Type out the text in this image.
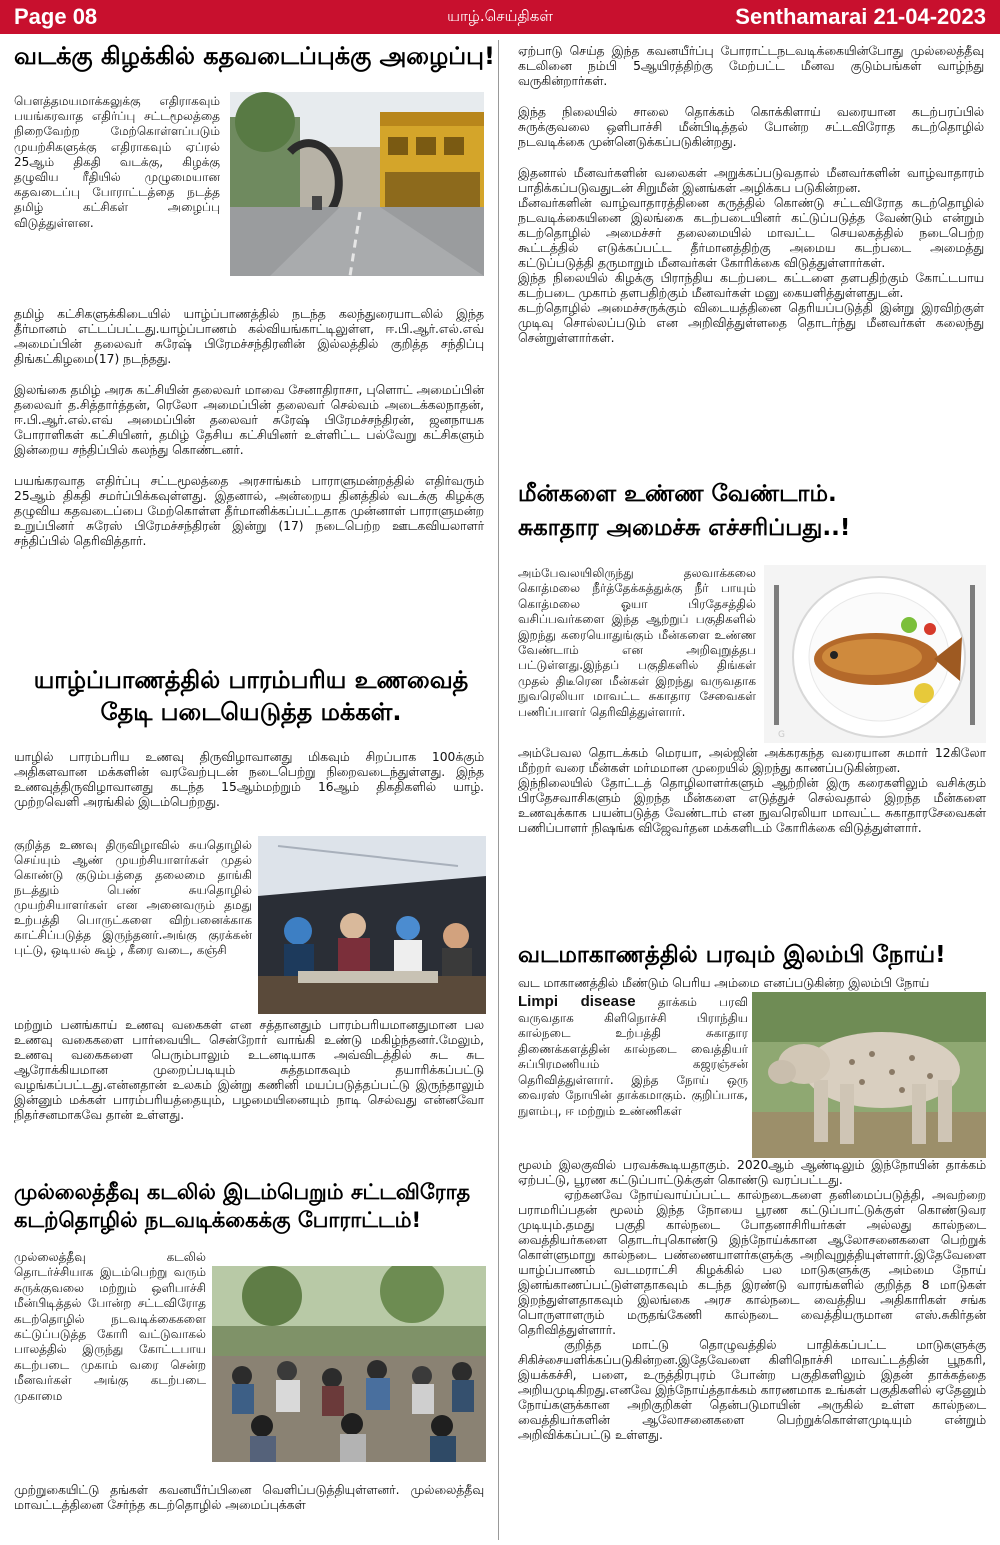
Page 08	யாழ்.செய்திகள்	Senthamarai 21-04-2023
வடக்கு கிழக்கில் கதவடைப்புக்கு அழைப்பு!

பௌத்தமயமாக்கலுக்கு எதிராகவும் பயங்கரவாத எதிர்ப்பு சட்டமூலத்தை நிறைவேற்ற மேற்கொள்ளப்படும் முயற்சிகளுக்கு எதிராகவும் ஏப்ரல் 25ஆம் திகதி வடக்கு, கிழக்கு தழுவிய ரீதியில் முழுமையான கதவடைப்பு போராட்டத்தை நடத்த தமிழ் கட்சிகள் அழைப்பு விடுத்துள்ளன.

தமிழ் கட்சிகளுக்கிடையில் யாழ்ப்பாணத்தில் நடந்த கலந்துரையாடலில் இந்த தீர்மானம் எட்டப்பட்டது.யாழ்ப்பாணம் கல்வியங்காட்டிலுள்ள, ஈ.பி.ஆர்.எல்.எவ் அமைப்பின் தலைவர் சுரேஷ் பிரேமச்சந்திரனின் இல்லத்தில் குறித்த சந்திப்பு திங்கட்கிழமை(17) நடந்தது.

இலங்கை தமிழ் அரசு கட்சியின் தலைவர் மாவை சேனாதிராசா, புளொட் அமைப்பின் தலைவர் த.சித்தார்த்தன், ரெலோ அமைப்பின் தலைவர் செல்வம் அடைக்கலநாதன், ஈ.பி.ஆர்.எல்.எவ் அமைப்பின் தலைவர் சுரேஷ் பிரேமச்சந்திரன், ஜனநாயக போராளிகள் கட்சியினர், தமிழ் தேசிய கட்சியினர் உள்ளிட்ட பல்வேறு கட்சிகளும் இன்றைய சந்திப்பில் கலந்து கொண்டனர்.

பயங்கரவாத எதிர்ப்பு சட்டமூலத்தை அரசாங்கம் பாராளுமன்றத்தில் எதிர்வரும் 25ஆம் திகதி சமர்ப்பிக்கவுள்ளது. இதனால், அன்றைய தினத்தில் வடக்கு கிழக்கு தழுவிய கதவடைப்பை மேற்கொள்ள தீர்மானிக்கப்பட்டதாக முன்னாள் பாராளுமன்ற உறுப்பினர் சுரேஸ் பிரேமச்சந்திரன் இன்று (17) நடைபெற்ற ஊடகவியலாளர் சந்திப்பில் தெரிவித்தார்.

யாழ்ப்பாணத்தில் பாரம்பரிய உணவைத்
தேடி படையெடுத்த மக்கள்.

யாழில் பாரம்பரிய உணவு திருவிழாவானது மிகவும் சிறப்பாக 100க்கும் அதிகளவான மக்களின் வரவேற்புடன் நடைபெற்று நிறைவடைந்துள்ளது. இந்த உணவுத்திருவிழாவானது கடந்த 15ஆம்மற்றும் 16ஆம் திகதிகளில் யாழ். முற்றவெளி அரங்கில் இடம்பெற்றது.

குறித்த உணவு திருவிழாவில் சுயதொழில் செய்யும் ஆண் முயற்சியாளர்கள் முதல் கொண்டு குடும்பத்தை தலைமை தாங்கி நடத்தும் பெண் சுயதொழில் முயற்சியாளர்கள் என அனைவரும் தமது உற்பத்தி பொருட்களை விற்பனைக்காக காட்சிப்படுத்த இருந்தனர்.அங்கு குரக்கன் புட்டு, ஒடியல் கூழ் , கீரை வடை, கஞ்சி

மற்றும் பனங்காய் உணவு வகைகள் என சத்தானதும் பாரம்பரியமானதுமான பல உணவு வகைகளை பார்வையிட சென்றோர் வாங்கி உண்டு மகிழ்ந்தனர்.மேலும், உணவு வகைகளை பெரும்பாலும் உடனடியாக அவ்விடத்தில் சுட சுட ஆரோக்கியமான முறைப்படியும் சுத்தமாகவும் தயாரிக்கப்பட்டு வழங்கப்பட்டது.என்னதான் உலகம் இன்று கணினி மயப்படுத்தப்பட்டு இருந்தாலும் இன்னும் மக்கள் பாரம்பரியத்தையும், பழமையினையும் நாடி செல்வது என்னவோ நிதர்சனமாகவே தான் உள்ளது.

முல்லைத்தீவு கடலில் இடம்பெறும் சட்டவிரோத
கடற்தொழில் நடவடிக்கைக்கு போராட்டம்!

முல்லைத்தீவு கடலில் தொடர்ச்சியாக இடம்பெற்று வரும் சுருக்குவலை மற்றும் ஒளிபாச்சி மீன்பிடித்தல் போன்ற சட்டவிரோத கடற்தொழில் நடவடிக்கைகளை கட்டுப்படுத்த கோரி வட்டுவாகல் பாலத்தில் இருந்து கோட்டபாய கடற்படை முகாம் வரை சென்ற மீனவர்கள் அங்கு கடற்படை முகாமை

முற்றுகையிட்டு தங்கள் கவனயீர்ப்பினை வெளிப்படுத்தியுள்ளனர். முல்லைத்தீவு மாவட்டத்தினை சேர்ந்த கடற்தொழில் அமைப்புக்கள்

ஏற்பாடு செய்த இந்த கவனயீர்ப்பு போராட்டநடவடிக்கையின்போது முல்லைத்தீவு கடலினை நம்பி 5ஆயிரத்திற்கு மேற்பட்ட மீனவ குடும்பங்கள் வாழ்ந்து வருகின்றார்கள்.

இந்த நிலையில் சாலை தொக்கம் கொக்கிளாய் வரையான கடற்பரப்பில் சுருக்குவலை ஒளிபாச்சி மீன்பிடித்தல் போன்ற சட்டவிரோத கடற்தொழில் நடவடிக்கை முன்னெடுக்கப்படுகின்றது.

இதனால் மீனவர்களின் வலைகள் அறுக்கப்படுவதால் மீனவர்களின் வாழ்வாதாரம் பாதிக்கப்படுவதுடன் சிறுமீன் இனங்கள் அழிக்கப படுகின்றன.

மீனவர்களின் வாழ்வாதாரத்தினை கருத்தில் கொண்டு சட்டவிரோத கடற்தொழில் நடவடிக்கையினை இலங்கை கடற்படையினர் கட்டுப்படுத்த வேண்டும் என்றும் கடற்தொழில் அமைச்சர் தலைமையில் மாவட்ட செயலகத்தில் நடைபெற்ற கூட்டத்தில் எடுக்கப்பட்ட தீர்மானத்திற்கு அமைய கடற்படை அமைத்து கட்டுப்படுத்தி தருமாறும் மீனவர்கள் கோரிக்கை விடுத்துள்ளார்கள்.

இந்த நிலையில் கிழக்கு பிராந்திய கடற்படை கட்டளை தளபதிற்கும் கோட்டபாய கடற்படை முகாம் தளபதிற்கும் மீனவர்கள் மனு கையளித்துள்ளதுடன்.

கடற்தொழில் அமைச்சருக்கும் விடையத்தினை தெரியப்படுத்தி இன்று இரவிற்குள் முடிவு சொல்லப்படும் என அறிவித்துள்ளதை தொடர்ந்து மீனவர்கள் கலைந்து சென்றுள்ளார்கள்.

மீன்களை உண்ண வேண்டாம்.
சுகாதார அமைச்சு எச்சரிப்பது..!

அம்பேவலயிலிருந்து தலவாக்கலை கொத்மலை நீர்த்தேக்கத்துக்கு நீர் பாயும் கொத்மலை ஓயா பிரதேசத்தில் வசிப்பவர்களை இந்த ஆற்றுப் பகுதிகளில் இறந்து கரையொதுங்கும் மீன்களை உண்ண வேண்டாம் என அறிவுறுத்தப பட்டுள்ளது.இந்தப் பகுதிகளில் திங்கள் முதல் திடீரென மீன்கள் இறந்து வருவதாக நுவரெலியா மாவட்ட சுகாதார சேவைகள் பணிப்பாளர் தெரிவித்துள்ளார்.

G

அம்பேவல தொடக்கம் மெரயா, அல்ஜின் அக்கரகந்த வரையான சுமார் 12கிலோ மீற்றர் வரை மீன்கள் மர்மமான முறையில் இறந்து காணப்படுகின்றன.

இந்நிலையில் தோட்டத் தொழிலாளர்களும் ஆற்றின் இரு கரைகளிலும் வசிக்கும் பிரதேசவாசிகளும் இறந்த மீன்களை எடுத்துச் செல்வதால் இறந்த மீன்களை உணவுக்காக பயன்படுத்த வேண்டாம் என நுவரெலியா மாவட்ட சுகாதாரசேவைகள் பணிப்பாளர் நிஷங்க விஜேவர்தன மக்களிடம் கோரிக்கை விடுத்துள்ளார்.

வடமாகாணத்தில் பரவும் இலம்பி நோய்!

வட மாகாணத்தில் மீண்டும் பெரிய அம்மை எனப்படுகின்ற இலம்பி நோய்

Limpi disease தாக்கம் பரவி வருவதாக கிளிநொச்சி பிராந்திய கால்நடை உற்பத்தி சுகாதார திணைக்களத்தின் கால்நடை வைத்தியர் சுப்பிரமணியம் கஜரஞ்சன் தெரிவித்துள்ளார். இந்த நோய் ஒரு வைரஸ் நோயின் தாக்கமாகும். குறிப்பாக, நுளம்பு, ஈ மற்றும் உண்ணிகள்

மூலம் இலகுவில் பரவக்கூடியதாகும். 2020ஆம் ஆண்டிலும் இந்நோயின் தாக்கம் ஏற்பட்டு, பூரண கட்டுப்பாட்டுக்குள் கொண்டு வரப்பட்டது.

ஏற்கனவே நோய்வாய்ப்பட்ட கால்நடைகளை தனிமைப்படுத்தி, அவற்றை பராமரிப்பதன் மூலம் இந்த நோயை பூரண கட்டுப்பாட்டுக்குள் கொண்டுவர முடியும்.தமது பகுதி கால்நடை போதனாசிரியர்கள் அல்லது கால்நடை வைத்தியர்களை தொடர்புகொண்டு இந்நோய்க்கான ஆலோசனைகளை பெற்றுக் கொள்ளுமாறு கால்நடை பண்ணையாளர்களுக்கு அறிவுறுத்தியுள்ளார்.இதேவேளை யாழ்ப்பாணம் வடமராட்சி கிழக்கில் பல மாடுகளுக்கு அம்மை நோய் இனங்காணப்பட்டுள்ளதாகவும் கடந்த இரண்டு வாரங்களில் குறித்த 8 மாடுகள் இறந்துள்ளதாகவும் இலங்கை அரச கால்நடை வைத்திய அதிகாரிகள் சங்க பொருளாளரும் மருதங்கேணி கால்நடை வைத்தியருமான எஸ்.சுகிர்தன் தெரிவித்துள்ளார்.

குறித்த மாட்டு தொழுவத்தில் பாதிக்கப்பட்ட மாடுகளுக்கு சிகிச்சையளிக்கப்படுகின்றன.இதேவேளை கிளிநொச்சி மாவட்டத்தின் பூநகரி, இயக்கச்சி, பளை, உருத்திரபுரம் போன்ற பகுதிகளிலும் இதன் தாக்கத்தை அறியமுடிகிறது.எனவே இந்நோய்த்தாக்கம் காரணமாக உங்கள் பகுதிகளில் ஏதேனும் நோய்களுக்கான அறிகுறிகள் தென்படுமாயின் அருகில் உள்ள கால்நடை வைத்தியர்களின் ஆலோசனைகளை பெற்றுக்கொள்ளமுடியும் என்றும் அறிவிக்கப்பட்டு உள்ளது.
